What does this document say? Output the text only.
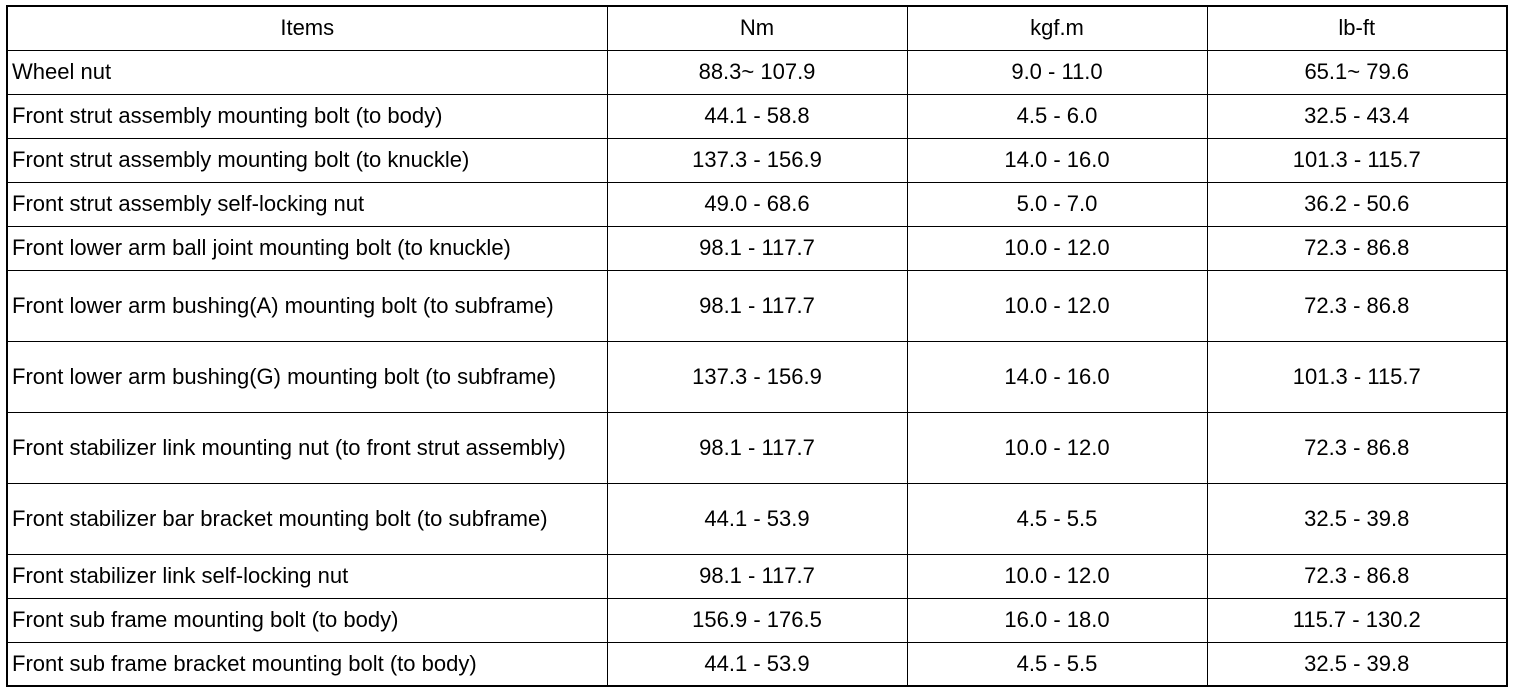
Items	Nm	kgf.m	lb-ft
Wheel nut	88.3~ 107.9	9.0 - 11.0	65.1~ 79.6
Front strut assembly mounting bolt (to body)	44.1 - 58.8	4.5 - 6.0	32.5 - 43.4
Front strut assembly mounting bolt (to knuckle)	137.3 - 156.9	14.0 - 16.0	101.3 - 115.7
Front strut assembly self-locking nut	49.0 - 68.6	5.0 - 7.0	36.2 - 50.6
Front lower arm ball joint mounting bolt (to knuckle)	98.1 - 117.7	10.0 - 12.0	72.3 - 86.8
Front lower arm bushing(A) mounting bolt (to subframe)	98.1 - 117.7	10.0 - 12.0	72.3 - 86.8
Front lower arm bushing(G) mounting bolt (to subframe)	137.3 - 156.9	14.0 - 16.0	101.3 - 115.7
Front stabilizer link mounting nut (to front strut assembly)	98.1 - 117.7	10.0 - 12.0	72.3 - 86.8
Front stabilizer bar bracket mounting bolt (to subframe)	44.1 - 53.9	4.5 - 5.5	32.5 - 39.8
Front stabilizer link self-locking nut	98.1 - 117.7	10.0 - 12.0	72.3 - 86.8
Front sub frame mounting bolt (to body)	156.9 - 176.5	16.0 - 18.0	115.7 - 130.2
Front sub frame bracket mounting bolt (to body)	44.1 - 53.9	4.5 - 5.5	32.5 - 39.8
